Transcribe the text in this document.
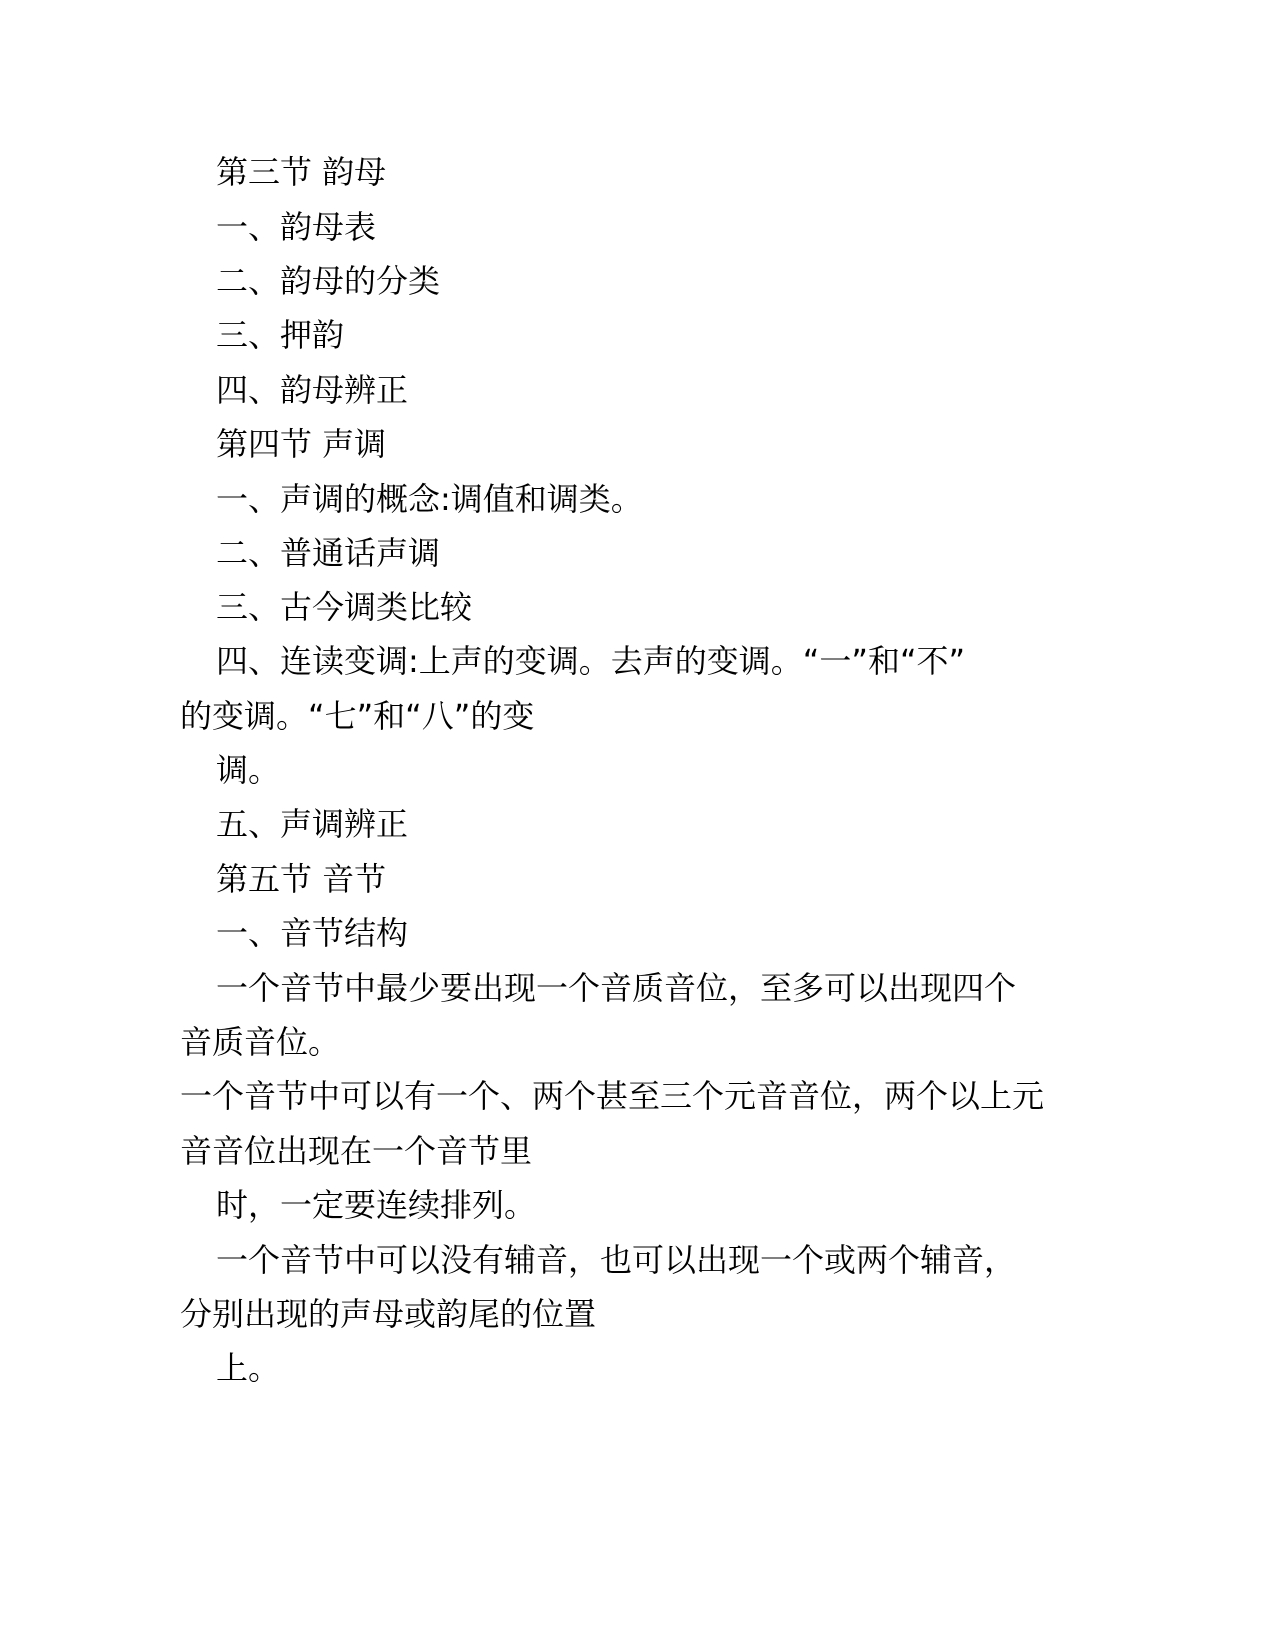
第三节 韵母
一、韵母表
二、韵母的分类
三、押韵
四、韵母辨正
第四节 声调
一、声调的概念:调值和调类。
二、普通话声调
三、古今调类比较
四、连读变调:上声的变调。去声的变调。“一”和“不”
的变调。“七”和“八”的变
调。
五、声调辨正
第五节 音节
一、音节结构
一个音节中最少要出现一个音质音位，至多可以出现四个
音质音位。
一个音节中可以有一个、两个甚至三个元音音位，两个以上元
音音位出现在一个音节里
时，一定要连续排列。
一个音节中可以没有辅音，也可以出现一个或两个辅音，
分别出现的声母或韵尾的位置
上。
